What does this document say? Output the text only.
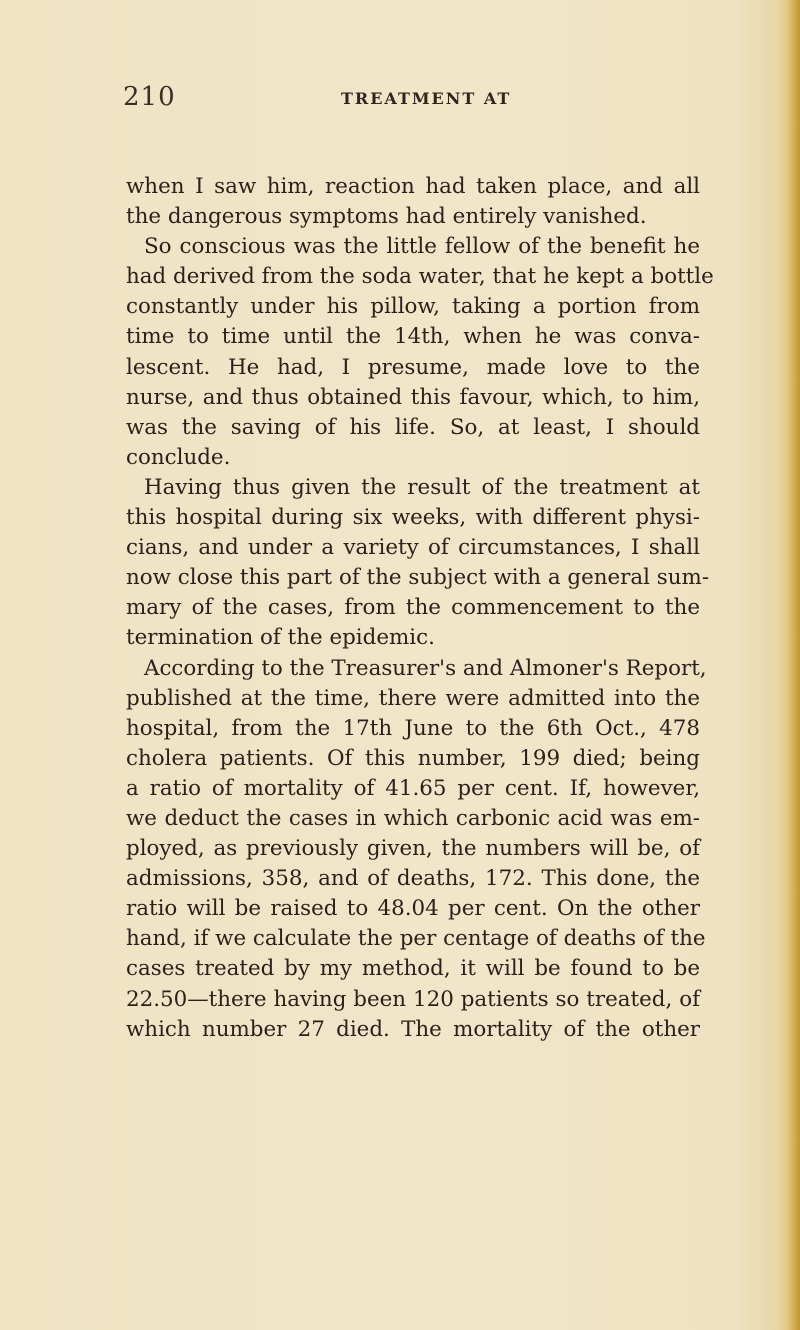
210	TREATMENT AT
when I saw him, reaction had taken place, and all
the dangerous symptoms had entirely vanished.
So conscious was the little fellow of the benefit he
had derived from the soda water, that he kept a bottle
constantly under his pillow, taking a portion from
time to time until the 14th, when he was conva-
lescent. He had, I presume, made love to the
nurse, and thus obtained this favour, which, to him,
was the saving of his life. So, at least, I should
conclude.
Having thus given the result of the treatment at
this hospital during six weeks, with different physi-
cians, and under a variety of circumstances, I shall
now close this part of the subject with a general sum-
mary of the cases, from the commencement to the
termination of the epidemic.
According to the Treasurer's and Almoner's Report,
published at the time, there were admitted into the
hospital, from the 17th June to the 6th Oct., 478
cholera patients. Of this number, 199 died; being
a ratio of mortality of 41.65 per cent. If, however,
we deduct the cases in which carbonic acid was em-
ployed, as previously given, the numbers will be, of
admissions, 358, and of deaths, 172. This done, the
ratio will be raised to 48.04 per cent. On the other
hand, if we calculate the per centage of deaths of the
cases treated by my method, it will be found to be
22.50—there having been 120 patients so treated, of
which number 27 died. The mortality of the other
